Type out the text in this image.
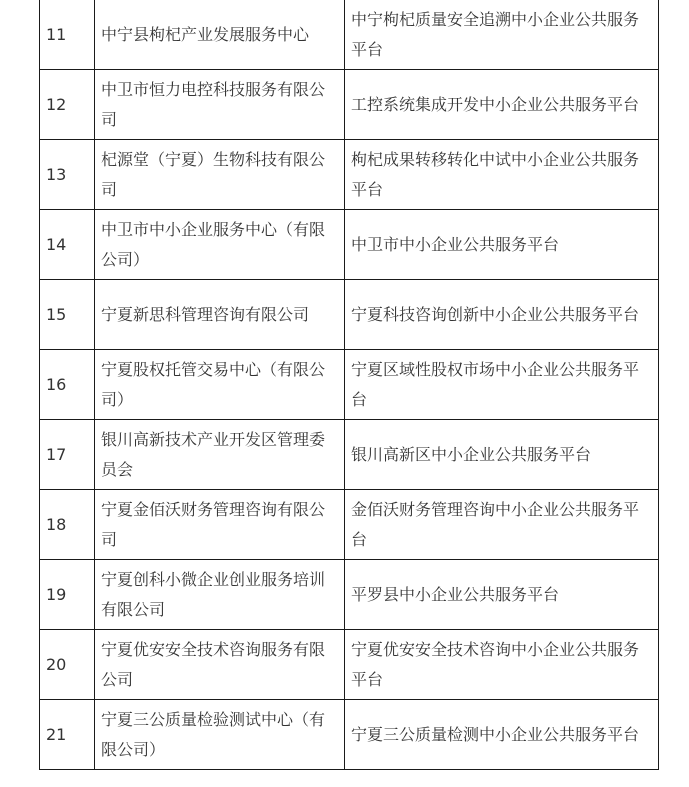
11	中宁县枸杞产业发展服务中心	中宁枸杞质量安全追溯中小企业公共服务平台
12	中卫市恒力电控科技服务有限公司	工控系统集成开发中小企业公共服务平台
13	杞源堂（宁夏）生物科技有限公司	枸杞成果转移转化中试中小企业公共服务平台
14	中卫市中小企业服务中心（有限公司）	中卫市中小企业公共服务平台
15	宁夏新思科管理咨询有限公司	宁夏科技咨询创新中小企业公共服务平台
16	宁夏股权托管交易中心（有限公司）	宁夏区域性股权市场中小企业公共服务平台
17	银川高新技术产业开发区管理委员会	银川高新区中小企业公共服务平台
18	宁夏金佰沃财务管理咨询有限公司	金佰沃财务管理咨询中小企业公共服务平台
19	宁夏创科小微企业创业服务培训有限公司	平罗县中小企业公共服务平台
20	宁夏优安安全技术咨询服务有限公司	宁夏优安安全技术咨询中小企业公共服务平台
21	宁夏三公质量检验测试中心（有限公司）	宁夏三公质量检测中小企业公共服务平台
